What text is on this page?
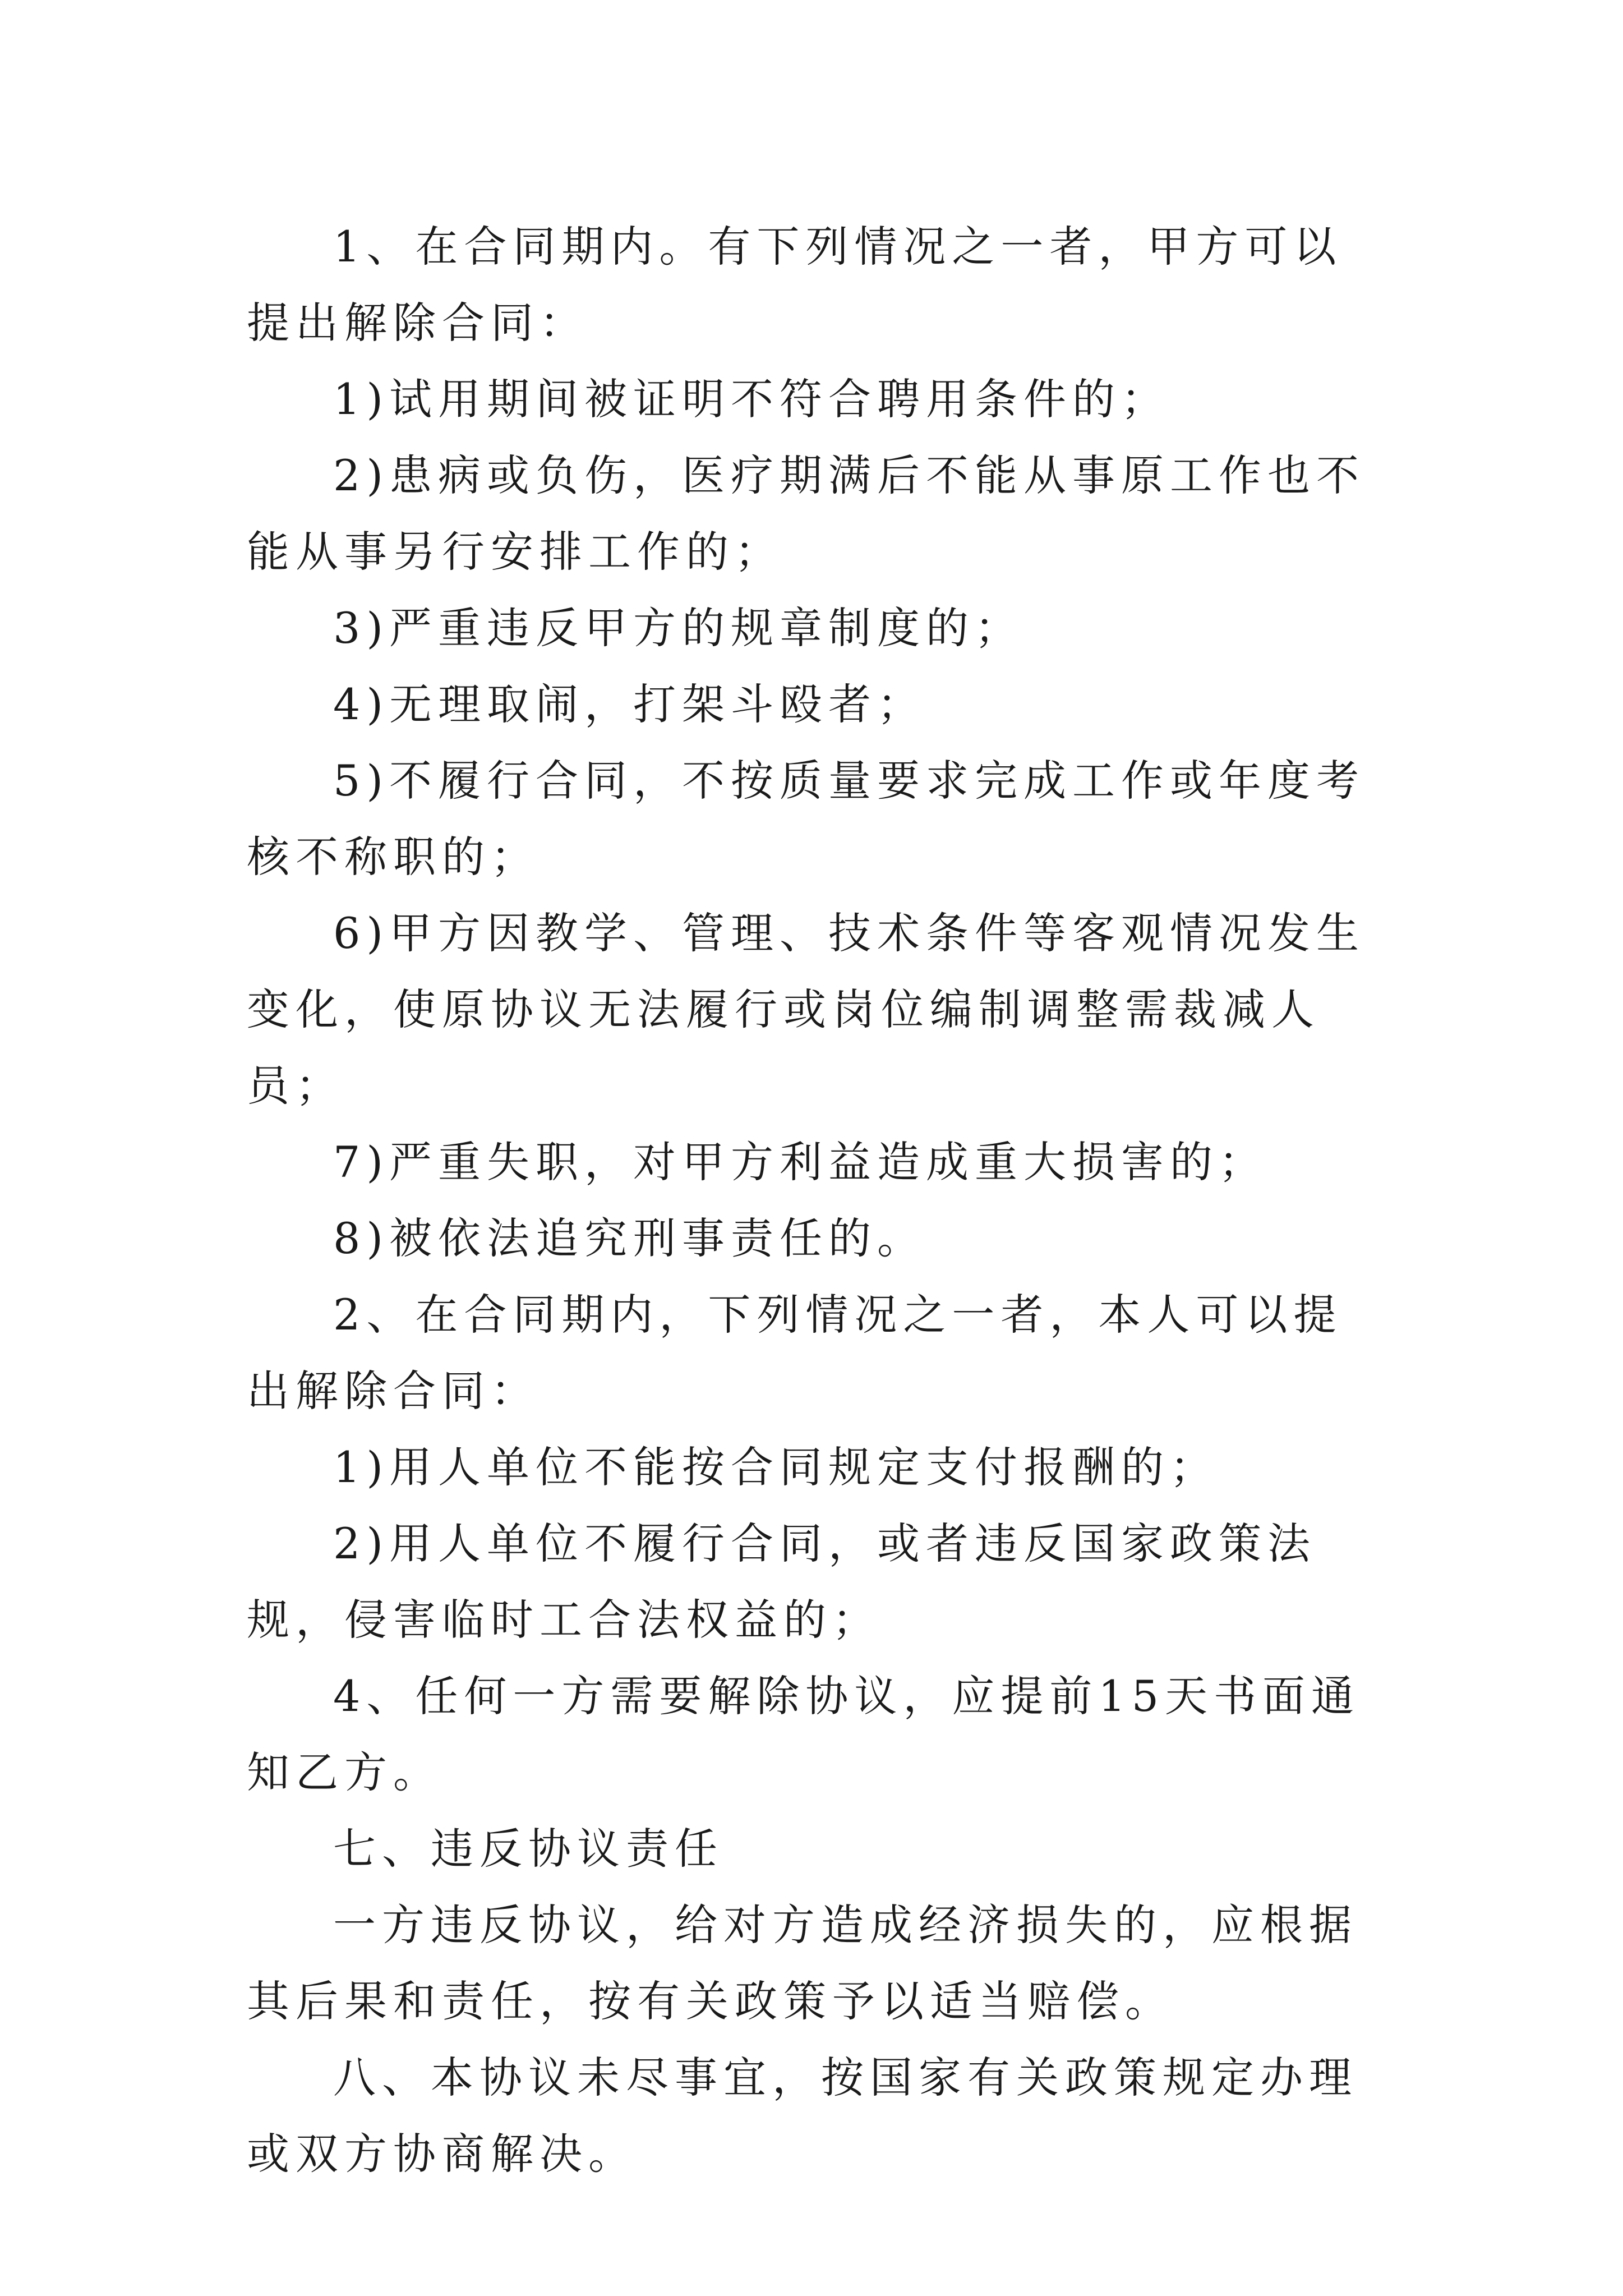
1、在合同期内。有下列情况之一者，甲方可以提出解除合同：

1)试用期间被证明不符合聘用条件的；

2)患病或负伤，医疗期满后不能从事原工作也不能从事另行安排工作的；

3)严重违反甲方的规章制度的；

4)无理取闹，打架斗殴者；

5)不履行合同，不按质量要求完成工作或年度考核不称职的；

6)甲方因教学、管理、技术条件等客观情况发生变化，使原协议无法履行或岗位编制调整需裁减人员；

7)严重失职，对甲方利益造成重大损害的；

8)被依法追究刑事责任的。

2、在合同期内，下列情况之一者，本人可以提出解除合同：

1)用人单位不能按合同规定支付报酬的；

2)用人单位不履行合同，或者违反国家政策法规，侵害临时工合法权益的；

4、任何一方需要解除协议，应提前15天书面通知乙方。

七、违反协议责任

一方违反协议，给对方造成经济损失的，应根据其后果和责任，按有关政策予以适当赔偿。

八、本协议未尽事宜，按国家有关政策规定办理或双方协商解决。
